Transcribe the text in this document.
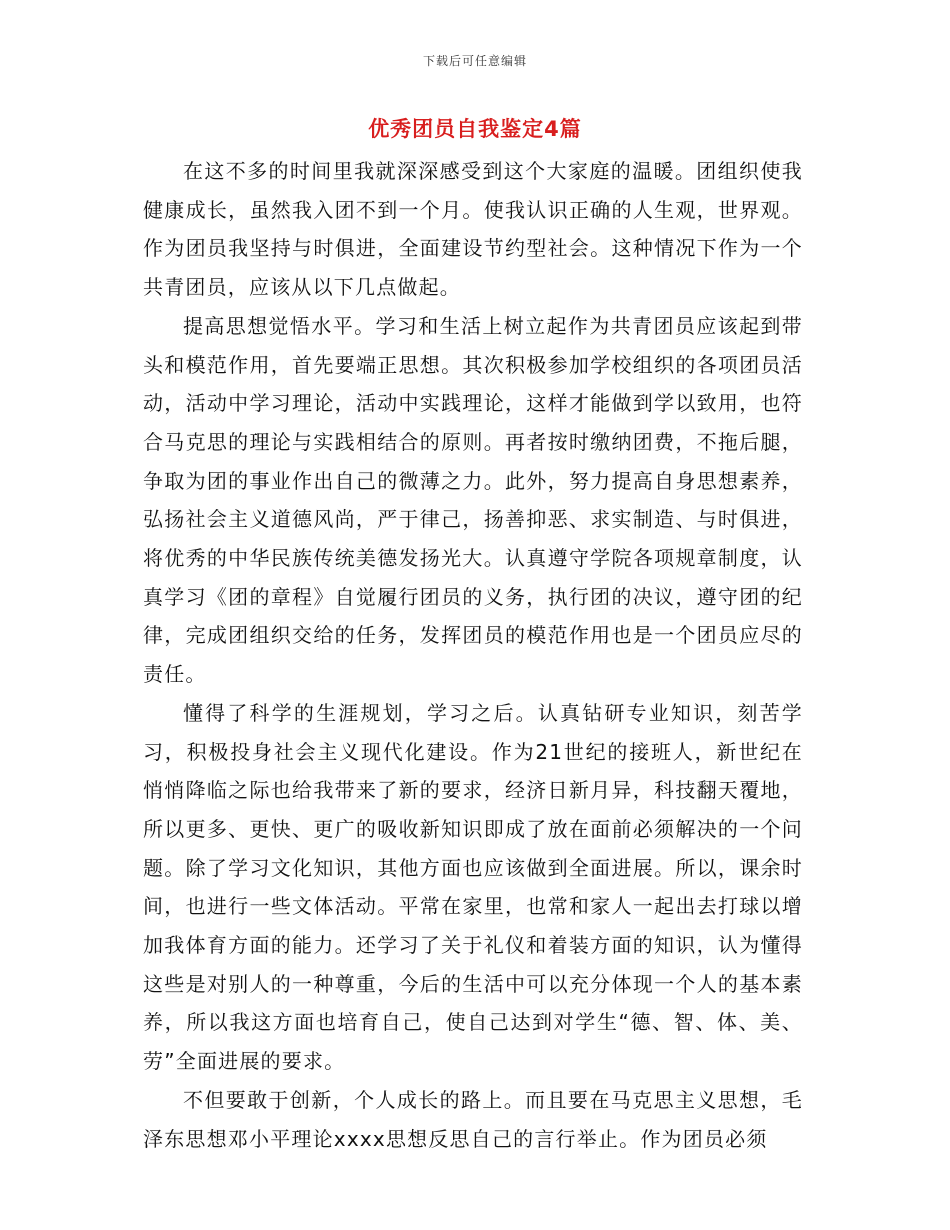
下载后可任意编辑
优秀团员自我鉴定4篇

在这不多的时间里我就深深感受到这个大家庭的温暖。团组织使我健康成长，虽然我入团不到一个月。使我认识正确的人生观，世界观。作为团员我坚持与时俱进，全面建设节约型社会。这种情况下作为一个共青团员，应该从以下几点做起。

提高思想觉悟水平。学习和生活上树立起作为共青团员应该起到带头和模范作用，首先要端正思想。其次积极参加学校组织的各项团员活动，活动中学习理论，活动中实践理论，这样才能做到学以致用，也符合马克思的理论与实践相结合的原则。再者按时缴纳团费，不拖后腿，争取为团的事业作出自己的微薄之力。此外，努力提高自身思想素养，弘扬社会主义道德风尚，严于律己，扬善抑恶、求实制造、与时俱进，将优秀的中华民族传统美德发扬光大。认真遵守学院各项规章制度，认真学习《团的章程》自觉履行团员的义务，执行团的决议，遵守团的纪律，完成团组织交给的任务，发挥团员的模范作用也是一个团员应尽的责任。

懂得了科学的生涯规划，学习之后。认真钻研专业知识，刻苦学习，积极投身社会主义现代化建设。作为21世纪的接班人，新世纪在悄悄降临之际也给我带来了新的要求，经济日新月异，科技翻天覆地，所以更多、更快、更广的吸收新知识即成了放在面前必须解决的一个问题。除了学习文化知识，其他方面也应该做到全面进展。所以，课余时间，也进行一些文体活动。平常在家里，也常和家人一起出去打球以增加我体育方面的能力。还学习了关于礼仪和着装方面的知识，认为懂得这些是对别人的一种尊重，今后的生活中可以充分体现一个人的基本素养，所以我这方面也培育自己，使自己达到对学生“德、智、体、美、劳”全面进展的要求。

不但要敢于创新，个人成长的路上。而且要在马克思主义思想，毛泽东思想邓小平理论xxxx思想反思自己的言行举止。作为团员必须
